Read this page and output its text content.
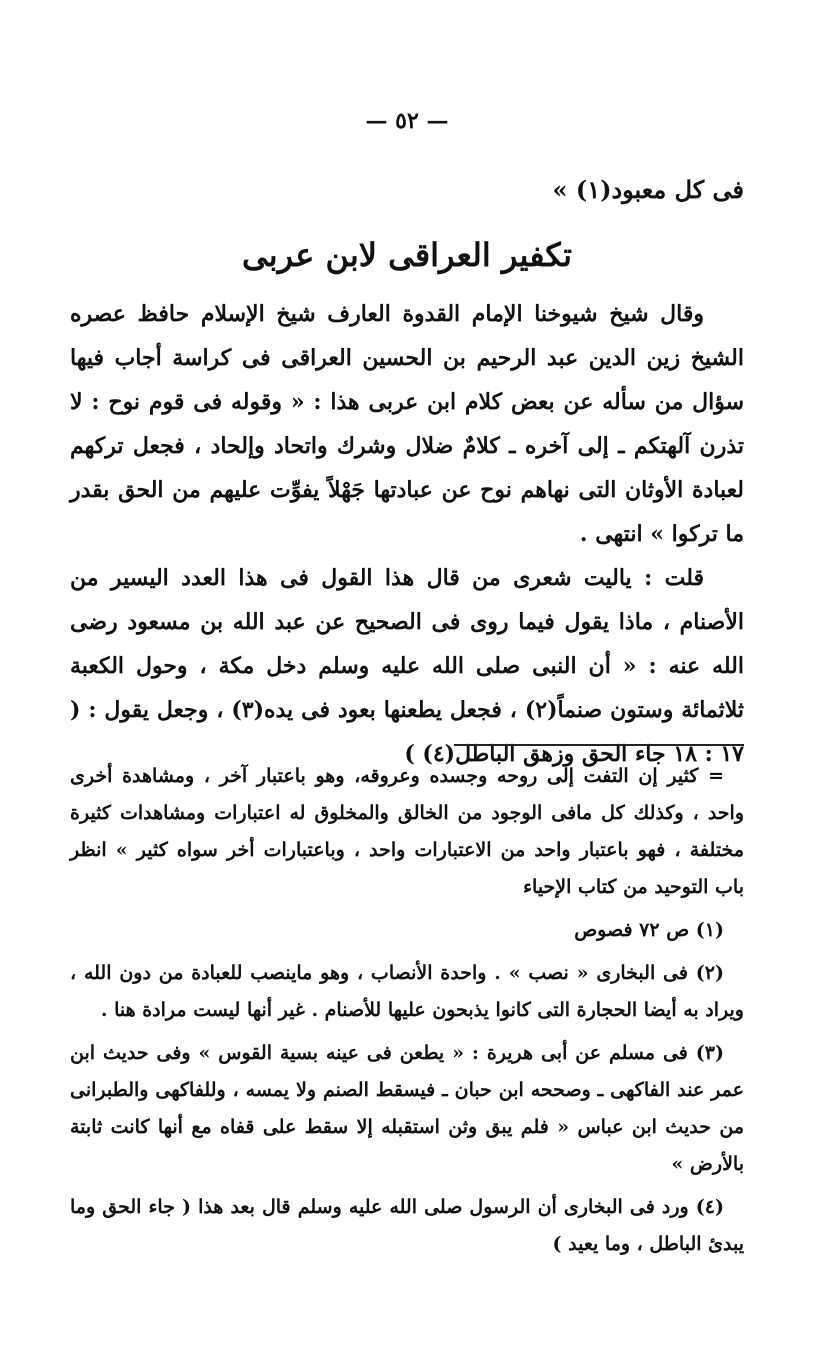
— ٥٢ —
فى كل معبود(١) »
تكفير العراقى لابن عربى

وقال شيخ شيوخنا الإمام القدوة العارف شيخ الإسلام حافظ عصره الشيخ زين الدين عبد الرحيم بن الحسين العراقى فى كراسة أجاب فيها سؤال من سأله عن بعض كلام ابن عربى هذا : « وقوله فى قوم نوح : لا تذرن آلهتكم ـ إلى آخره ـ كلامٌ ضلال وشرك واتحاد وإلحاد ، فجعل تركهم لعبادة الأوثان التى نهاهم نوح عن عبادتها جَهْلاً يفوِّت عليهم من الحق بقدر ما تركوا » انتهى .

قلت : ياليت شعرى من قال هذا القول فى هذا العدد اليسير من الأصنام ، ماذا يقول فيما روى فى الصحيح عن عبد الله بن مسعود رضى الله عنه : « أن النبى صلى الله عليه وسلم دخل مكة ، وحول الكعبة ثلاثمائة وستون صنماً(٢) ، فجعل يطعنها بعود فى يده(٣) ، وجعل يقول : ( ١٧ : ١٨ جاء الحق وزهق الباطل(٤) )

= كثير إن التفت إلى روحه وجسده وعروقه، وهو باعتبار آخر ، ومشاهدة أخرى واحد ، وكذلك كل مافى الوجود من الخالق والمخلوق له اعتبارات ومشاهدات كثيرة مختلفة ، فهو باعتبار واحد من الاعتبارات واحد ، وباعتبارات أخر سواه كثير » انظر باب التوحيد من كتاب الإحياء

(١) ص ٧٢ فصوص

(٢) فى البخارى « نصب » . واحدة الأنصاب ، وهو ماينصب للعبادة من دون الله ، ويراد به أيضا الحجارة التى كانوا يذبحون عليها للأصنام . غير أنها ليست مرادة هنا .

(٣) فى مسلم عن أبى هريرة : « يطعن فى عينه بسية القوس » وفى حديث ابن عمر عند الفاكهى ـ وصححه ابن حبان ـ فيسقط الصنم ولا يمسه ، وللفاكهى والطبرانى من حديث ابن عباس « فلم يبق وثن استقبله إلا سقط على قفاه مع أنها كانت ثابتة بالأرض »

(٤) ورد فى البخارى أن الرسول صلى الله عليه وسلم قال بعد هذا ( جاء الحق وما يبدئ الباطل ، وما يعيد )
